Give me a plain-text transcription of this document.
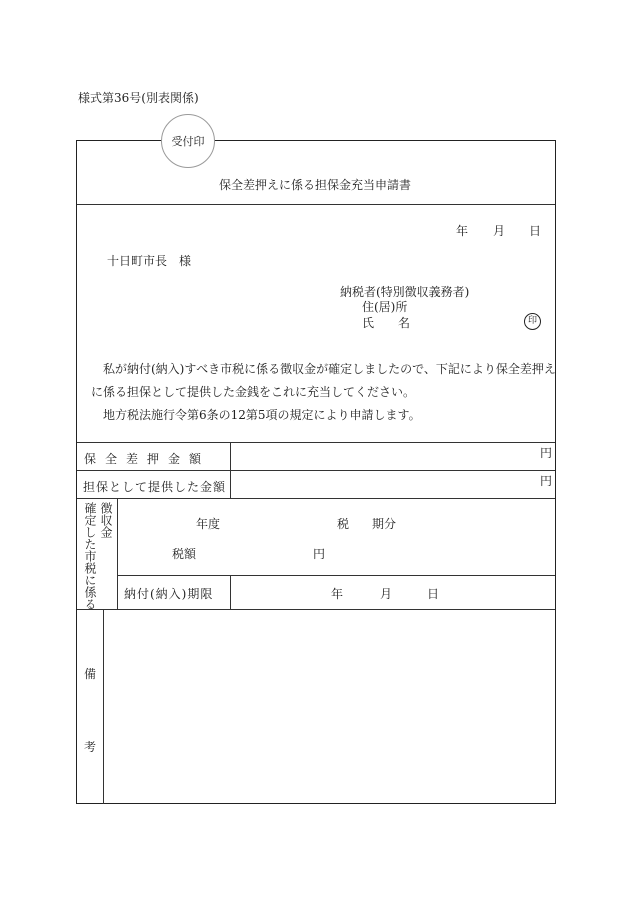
様式第36号(別表関係)
受付印
保全差押えに係る担保金充当申請書
年 月 日
十日町市長　様
納税者(特別徴収義務者)
住(居)所
氏　　名	印
私が納付(納入)すべき市税に係る徴収金が確定しましたので、下記により保全差押え
に係る担保として提供した金銭をこれに充当してください。
地方税法施行令第6条の12第5項の規定により申請します。
保全差押金額	円
担保として提供した金額	円
確定した市税に係る 徴収金	年度	税 期分
税額	円
納付(納入)期限	年	月	日
備
考
